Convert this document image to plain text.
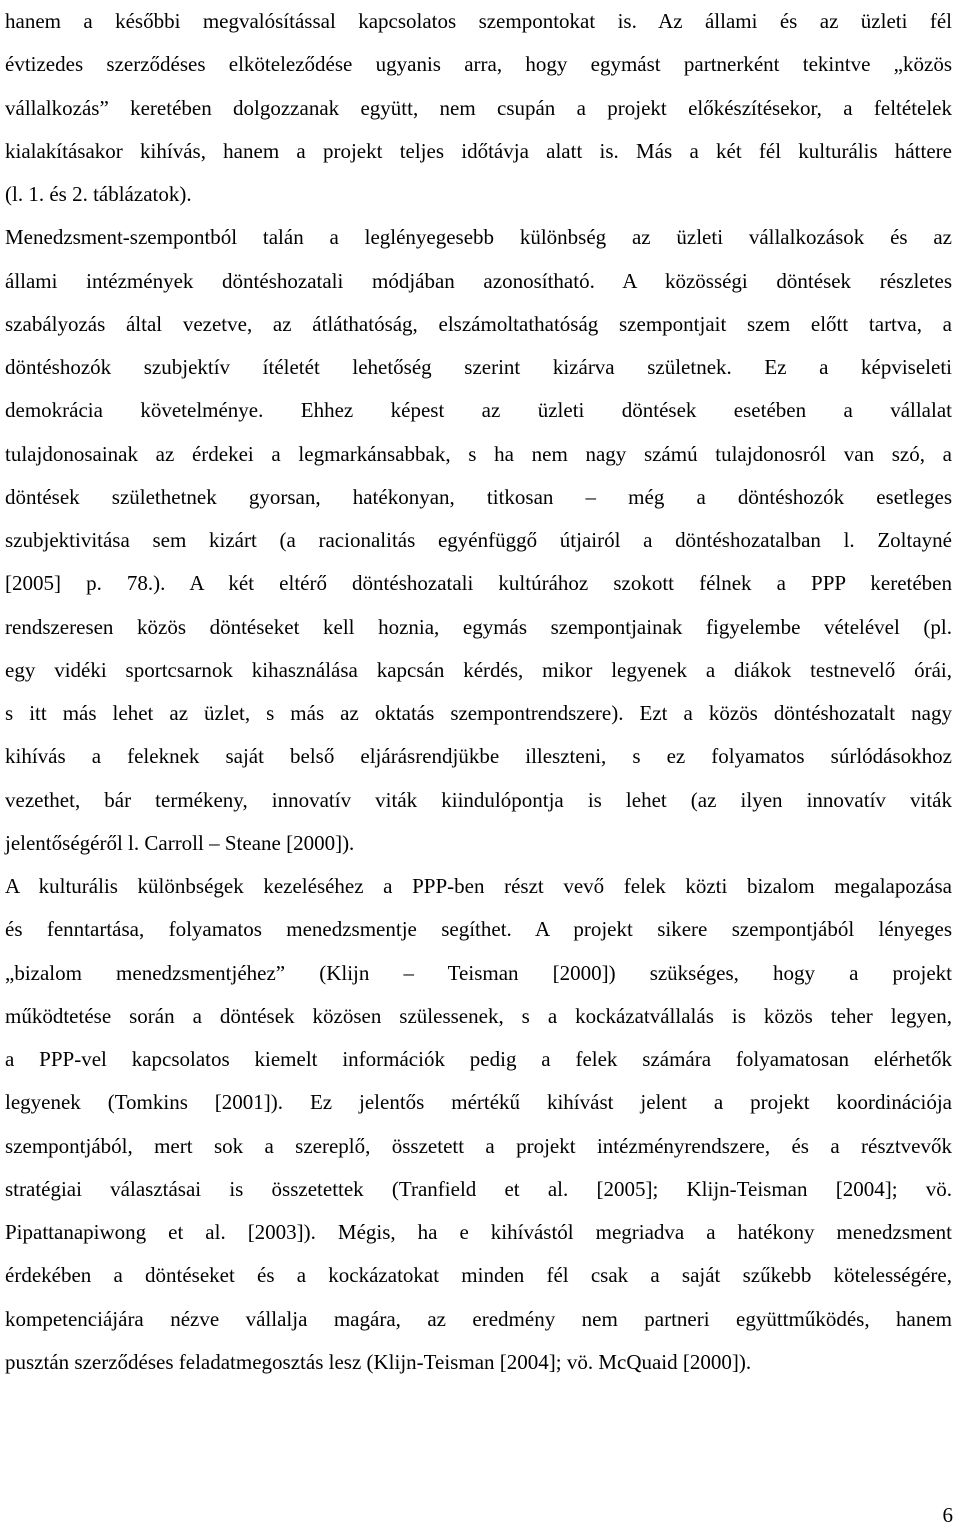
hanem a későbbi megvalósítással kapcsolatos szempontokat is. Az állami és az üzleti fél
évtizedes szerződéses elköteleződése ugyanis arra, hogy egymást partnerként tekintve „közös
vállalkozás” keretében dolgozzanak együtt, nem csupán a projekt előkészítésekor, a feltételek
kialakításakor kihívás, hanem a projekt teljes időtávja alatt is. Más a két fél kulturális háttere
(l. 1. és 2. táblázatok).
Menedzsment-szempontból talán a leglényegesebb különbség az üzleti vállalkozások és az
állami intézmények döntéshozatali módjában azonosítható. A közösségi döntések részletes
szabályozás által vezetve, az átláthatóság, elszámoltathatóság szempontjait szem előtt tartva, a
döntéshozók szubjektív ítéletét lehetőség szerint kizárva születnek. Ez a képviseleti
demokrácia követelménye. Ehhez képest az üzleti döntések esetében a vállalat
tulajdonosainak az érdekei a legmarkánsabbak, s ha nem nagy számú tulajdonosról van szó, a
döntések születhetnek gyorsan, hatékonyan, titkosan – még a döntéshozók esetleges
szubjektivitása sem kizárt (a racionalitás egyénfüggő útjairól a döntéshozatalban l. Zoltayné
[2005] p. 78.). A két eltérő döntéshozatali kultúrához szokott félnek a PPP keretében
rendszeresen közös döntéseket kell hoznia, egymás szempontjainak figyelembe vételével (pl.
egy vidéki sportcsarnok kihasználása kapcsán kérdés, mikor legyenek a diákok testnevelő órái,
s itt más lehet az üzlet, s más az oktatás szempontrendszere). Ezt a közös döntéshozatalt nagy
kihívás a feleknek saját belső eljárásrendjükbe illeszteni, s ez folyamatos súrlódásokhoz
vezethet, bár termékeny, innovatív viták kiindulópontja is lehet (az ilyen innovatív viták
jelentőségéről l. Carroll – Steane [2000]).
A kulturális különbségek kezeléséhez a PPP-ben részt vevő felek közti bizalom megalapozása
és fenntartása, folyamatos menedzsmentje segíthet. A projekt sikere szempontjából lényeges
„bizalom menedzsmentjéhez” (Klijn – Teisman [2000]) szükséges, hogy a projekt
működtetése során a döntések közösen szülessenek, s a kockázatvállalás is közös teher legyen,
a PPP-vel kapcsolatos kiemelt információk pedig a felek számára folyamatosan elérhetők
legyenek (Tomkins [2001]). Ez jelentős mértékű kihívást jelent a projekt koordinációja
szempontjából, mert sok a szereplő, összetett a projekt intézményrendszere, és a résztvevők
stratégiai választásai is összetettek (Tranfield et al. [2005]; Klijn-Teisman [2004]; vö.
Pipattanapiwong et al. [2003]). Mégis, ha e kihívástól megriadva a hatékony menedzsment
érdekében a döntéseket és a kockázatokat minden fél csak a saját szűkebb kötelességére,
kompetenciájára nézve vállalja magára, az eredmény nem partneri együttműködés, hanem
pusztán szerződéses feladatmegosztás lesz (Klijn-Teisman [2004]; vö. McQuaid [2000]).
6
